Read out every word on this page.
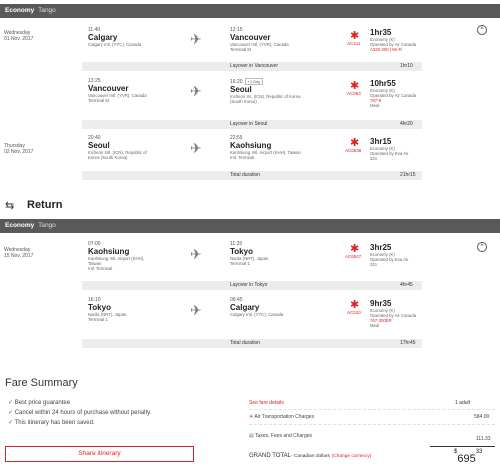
Economy Tango
Wednesday
01 Nov. 2017
^
11:40
Calgary
Calgary Intl. (YYC), Canada	✈
12:15
Vancouver
Vancouver Intl. (YVR), Canada
Terminal M
✱
AC211
1hr35
Economy (K)
Operated by Air Canada
A320-200 | Wi-Fi
Layover in Vancouver	1hr10
13:25
Vancouver
Vancouver Intl. (YVR), Canada
Terminal M
✈
16:20 +1 Day
Seoul
Incheon Int. (ICN), Republic of Korea
(South Korea)
✱
AC063
10hr55
Economy (K)
Operated by Air Canada
787-9
Meal
Layover in Seoul	4hr20
Thursday
02 Nov. 2017
20:40
Seoul
Incheon Intl. (ICN), Republic of
Korea (South Korea)
✈
22:55
Kaohsiung
Kaohsiung Intl. Airport (KHH), Taiwan
Intl. Terminal
✱
AC6538
3hr15
Economy (K)
Operated by Eva Air
321
Total duration	21hr15
⇆ Return
Economy Tango
Wednesday
15 Nov. 2017
^
07:00
Kaohsiung
Kaohsiung Intl. Airport (KHH),
Taiwan
Intl. Terminal
✈
11:25
Tokyo
Narita (NRT), Japan
Terminal 1
✱
AC6547
3hr25
Economy (K)
Operated by Eva Air
321
Layover in Tokyo	4hr45
16:10
Tokyo
Narita (NRT), Japan
Terminal 1
✈
09:45
Calgary
Calgary Intl. (YYC), Canada
✱
AC010
9hr35
Economy (K)
Operated by Air Canada
767-300ER
Meal
Total duration	17hr45
Fare Summary
✓ Best price guarantee
✓ Cancel within 24 hours of purchase without penalty.
✓ This itinerary has been saved.
Share itinerary
See fare details	1 adult
✈ Air Transportation Charges	584.00
▤ Taxes, Fees and Charges	111.33
GRAND TOTAL- Canadian dollars (Change currency)
$^{\$}695^{33}$
